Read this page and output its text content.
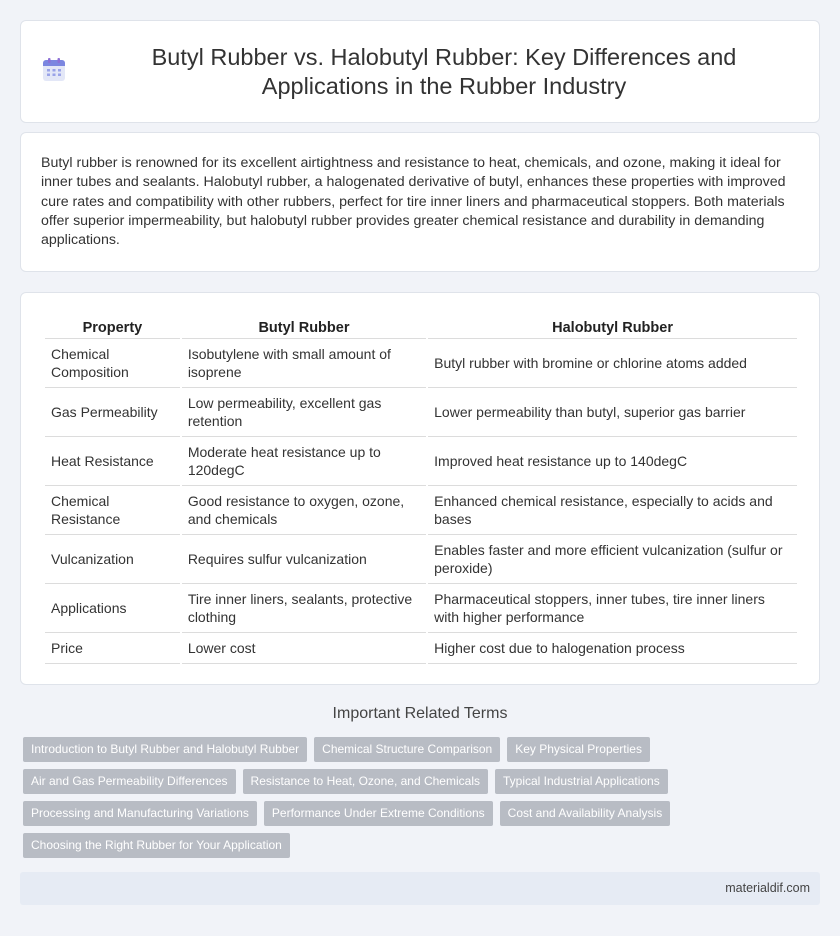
Butyl Rubber vs. Halobutyl Rubber: Key Differences and Applications in the Rubber Industry

Butyl rubber is renowned for its excellent airtightness and resistance to heat, chemicals, and ozone, making it ideal for inner tubes and sealants. Halobutyl rubber, a halogenated derivative of butyl, enhances these properties with improved cure rates and compatibility with other rubbers, perfect for tire inner liners and pharmaceutical stoppers. Both materials offer superior impermeability, but halobutyl rubber provides greater chemical resistance and durability in demanding applications.

Property	Butyl Rubber	Halobutyl Rubber
Chemical Composition	Isobutylene with small amount of isoprene	Butyl rubber with bromine or chlorine atoms added
Gas Permeability	Low permeability, excellent gas retention	Lower permeability than butyl, superior gas barrier
Heat Resistance	Moderate heat resistance up to 120degC	Improved heat resistance up to 140degC
Chemical Resistance	Good resistance to oxygen, ozone, and chemicals	Enhanced chemical resistance, especially to acids and bases
Vulcanization	Requires sulfur vulcanization	Enables faster and more efficient vulcanization (sulfur or peroxide)
Applications	Tire inner liners, sealants, protective clothing	Pharmaceutical stoppers, inner tubes, tire inner liners with higher performance
Price	Lower cost	Higher cost due to halogenation process
Important Related Terms
Introduction to Butyl Rubber and Halobutyl Rubber	Chemical Structure Comparison	Key Physical Properties
Air and Gas Permeability Differences	Resistance to Heat, Ozone, and Chemicals	Typical Industrial Applications
Processing and Manufacturing Variations	Performance Under Extreme Conditions	Cost and Availability Analysis
Choosing the Right Rubber for Your Application
materialdif.com
